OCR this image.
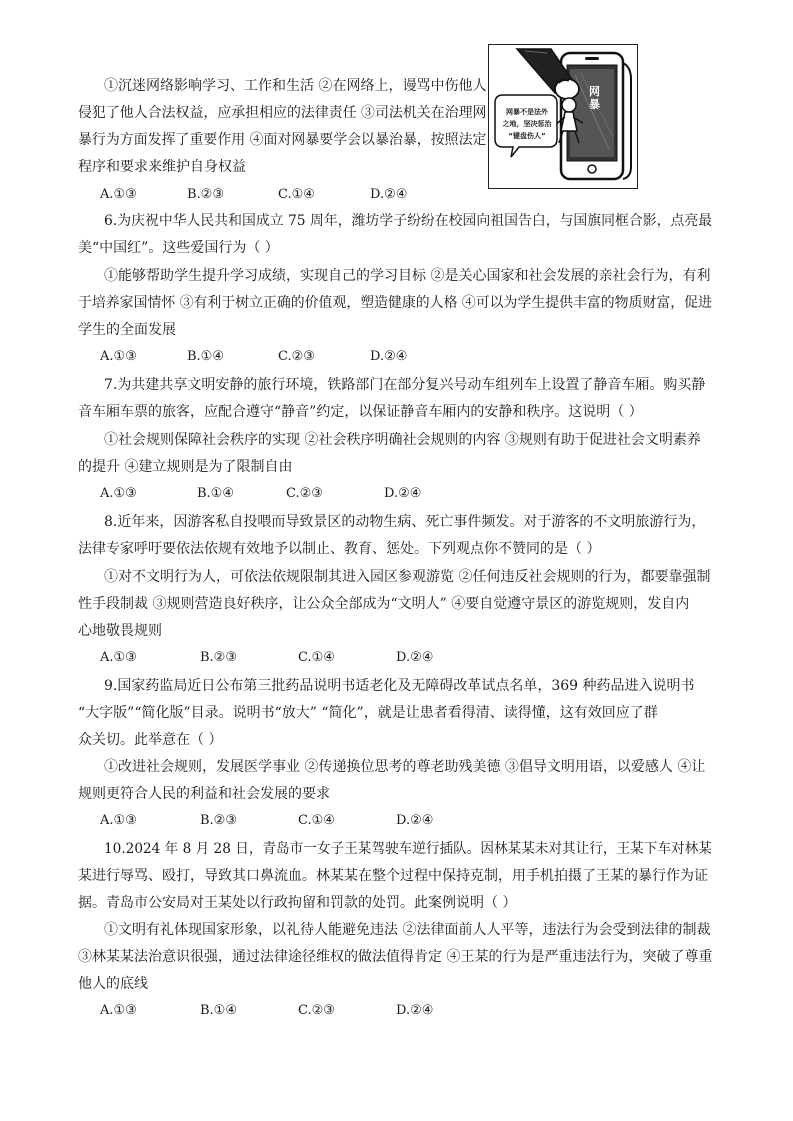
①沉迷网络影响学习、工作和生活 ②在网络上，谩骂中伤他人
侵犯了他人合法权益，应承担相应的法律责任 ③司法机关在治理网
暴行为方面发挥了重要作用 ④面对网暴要学会以暴治暴，按照法定
程序和要求来维护自身权益
A.①③	B.②③	C.①④	D.②④
网暴不是法外
之地，坚决惩治
“键盘伤人”
网暴
6.为庆祝中华人民共和国成立 75 周年，潍坊学子纷纷在校园向祖国告白，与国旗同框合影，点亮最
美“中国红”。这些爱国行为（ ）
①能够帮助学生提升学习成绩，实现自己的学习目标 ②是关心国家和社会发展的亲社会行为，有利
于培养家国情怀 ③有利于树立正确的价值观，塑造健康的人格 ④可以为学生提供丰富的物质财富，促进
学生的全面发展
A.①③	B.①④	C.②③	D.②④
7.为共建共享文明安静的旅行环境，铁路部门在部分复兴号动车组列车上设置了静音车厢。购买静
音车厢车票的旅客，应配合遵守“静音”约定，以保证静音车厢内的安静和秩序。这说明（ ）
①社会规则保障社会秩序的实现 ②社会秩序明确社会规则的内容 ③规则有助于促进社会文明素养
的提升 ④建立规则是为了限制自由
A.①③	B.①④	C.②③	D.②④
8.近年来，因游客私自投喂而导致景区的动物生病、死亡事件频发。对于游客的不文明旅游行为，
法律专家呼吁要依法依规有效地予以制止、教育、惩处。下列观点你不赞同的是（ ）
①对不文明行为人，可依法依规限制其进入园区参观游览 ②任何违反社会规则的行为，都要靠强制
性手段制裁 ③规则营造良好秩序，让公众全部成为“文明人” ④要自觉遵守景区的游览规则，发自内
心地敬畏规则
A.①③	B.②③	C.①④	D.②④
9.国家药监局近日公布第三批药品说明书适老化及无障碍改革试点名单，369 种药品进入说明书
“大字版”“简化版”目录。说明书“放大” “简化”，就是让患者看得清、读得懂，这有效回应了群
众关切。此举意在（ ）
①改进社会规则，发展医学事业 ②传递换位思考的尊老助残美德 ③倡导文明用语，以爱感人 ④让
规则更符合人民的利益和社会发展的要求
A.①③	B.②③	C.①④	D.②④
10.2024 年 8 月 28 日，青岛市一女子王某驾驶车逆行插队。因林某某未对其让行，王某下车对林某
某进行辱骂、殴打，导致其口鼻流血。林某某在整个过程中保持克制，用手机拍摄了王某的暴行作为证
据。青岛市公安局对王某处以行政拘留和罚款的处罚。此案例说明（ ）
①文明有礼体现国家形象，以礼待人能避免违法 ②法律面前人人平等，违法行为会受到法律的制裁
③林某某法治意识很强，通过法律途径维权的做法值得肯定 ④王某的行为是严重违法行为，突破了尊重
他人的底线
A.①③	B.①④	C.②③	D.②④
